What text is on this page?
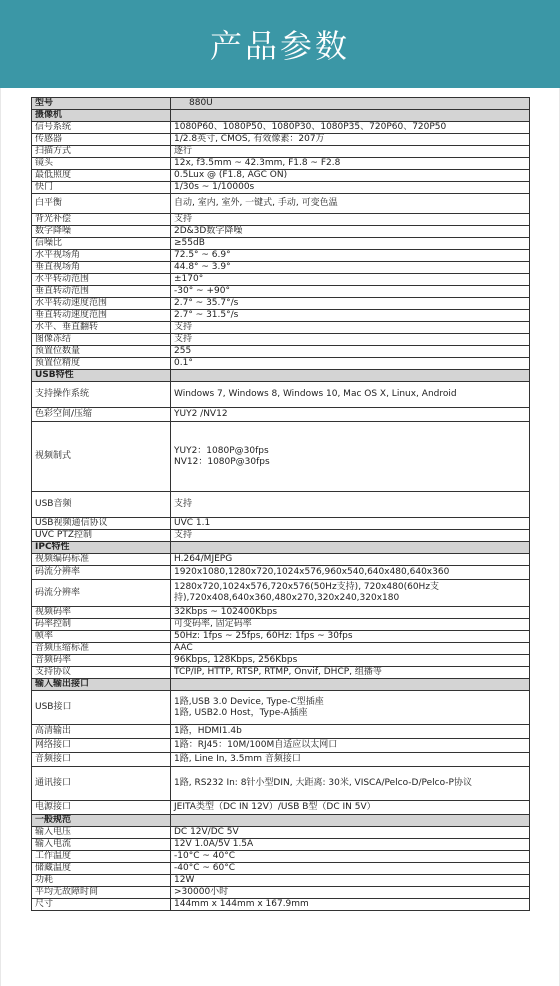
产品参数
型号	880U
摄像机	
信号系统	1080P60、1080P50、1080P30、1080P35、720P60、720P50
传感器	1/2.8英寸, CMOS, 有效像素：207万
扫描方式	逐行
镜头	12x, f3.5mm ~ 42.3mm, F1.8 ~ F2.8
最低照度	0.5Lux @ (F1.8, AGC ON)
快门	1/30s ~ 1/10000s
白平衡	自动, 室内, 室外, 一键式, 手动, 可变色温
背光补偿	支持
数字降噪	2D&3D数字降噪
信噪比	≥55dB
水平视场角	72.5° ~ 6.9°
垂直视场角	44.8° ~ 3.9°
水平转动范围	±170°
垂直转动范围	-30° ~ +90°
水平转动速度范围	2.7° ~ 35.7°/s
垂直转动速度范围	2.7° ~ 31.5°/s
水平、垂直翻转	支持
图像冻结	支持
预置位数量	255
预置位精度	0.1°
USB特性	
支持操作系统	Windows 7, Windows 8, Windows 10, Mac OS X, Linux, Android
色彩空间/压缩	YUY2 /NV12
视频制式	YUY2：1080P@30fps
NV12：1080P@30fps
USB音频	支持
USB视频通信协议	UVC 1.1
UVC PTZ控制	支持
IPC特性	
视频编码标准	H.264/MJEPG
码流分辨率	1920x1080,1280x720,1024x576,960x540,640x480,640x360
码流分辨率	1280x720,1024x576,720x576(50Hz支持), 720x480(60Hz支持),720x408,640x360,480x270,320x240,320x180
视频码率	32Kbps ~ 102400Kbps
码率控制	可变码率, 固定码率
帧率	50Hz: 1fps ~ 25fps, 60Hz: 1fps ~ 30fps
音频压缩标准	AAC
音频码率	96Kbps, 128Kbps, 256Kbps
支持协议	TCP/IP, HTTP, RTSP, RTMP, Onvif, DHCP, 组播等
输入输出接口	
USB接口	1路,USB 3.0 Device, Type-C型插座
1路, USB2.0 Host，Type-A插座
高清输出	1路，HDMI1.4b
网络接口	1路：RJ45：10M/100M自适应以太网口
音频接口	1路, Line In, 3.5mm 音频接口
通讯接口	1路, RS232 In: 8针小型DIN, 大距离: 30米, VISCA/Pelco-D/Pelco-P协议
电源接口	JEITA类型（DC IN 12V）/USB B型（DC IN 5V）
一般规范	
输入电压	DC 12V/DC 5V
输入电流	12V 1.0A/5V 1.5A
工作温度	-10°C ~ 40°C
储藏温度	-40°C ~ 60°C
功耗	12W
平均无故障时间	>30000小时
尺寸	144mm x 144mm x 167.9mm
